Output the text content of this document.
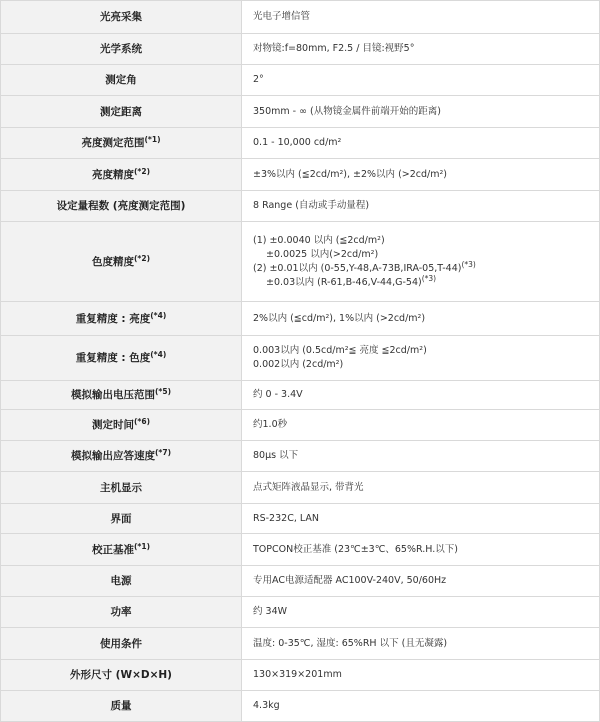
光亮采集	光电子增信管

光学系统	对物镜:f=80mm, F2.5 / 目镜:视野5°

测定角	2°

测定距离	350mm - ∞ (从物镜金属件前端开始的距离)

亮度测定范围$^{(*1)}$	0.1 - 10,000 cd/m²

亮度精度$^{(*2)}$	±3%以内 (≦2cd/m²), ±2%以内 (>2cd/m²)

设定量程数 (亮度测定范围)	8 Range (自动或手动量程)

色度精度$^{(*2)}$	(1) ±0.0040 以内 (≦2cd/m²)
±0.0025 以内(>2cd/m²)
(2) ±0.01以内 (0-55,Y-48,A-73B,IRA-05,T-44)$^{(*3)}$
±0.03以内 (R-61,B-46,V-44,G-54)$^{(*3)}$

重复精度 : 亮度$^{(*4)}$	2%以内 (≦cd/m²), 1%以内 (>2cd/m²)

重复精度 : 色度$^{(*4)}$	0.003以内 (0.5cd/m²≦ 亮度 ≦2cd/m²)
0.002以内 (2cd/m²)

模拟输出电压范围$^{(*5)}$	约 0 - 3.4V

测定时间$^{(*6)}$	约1.0秒

模拟输出应答速度$^{(*7)}$	80μs 以下

主机显示	点式矩阵液晶显示, 带背光

界面	RS-232C, LAN

校正基准$^{(*1)}$	TOPCON校正基准 (23℃±3℃、65%R.H.以下)

电源	专用AC电源适配器 AC100V-240V, 50/60Hz

功率	约 34W

使用条件	温度: 0-35℃, 湿度: 65%RH 以下 (且无凝露)

外形尺寸 (W×D×H)	130×319×201mm

质量	4.3kg
